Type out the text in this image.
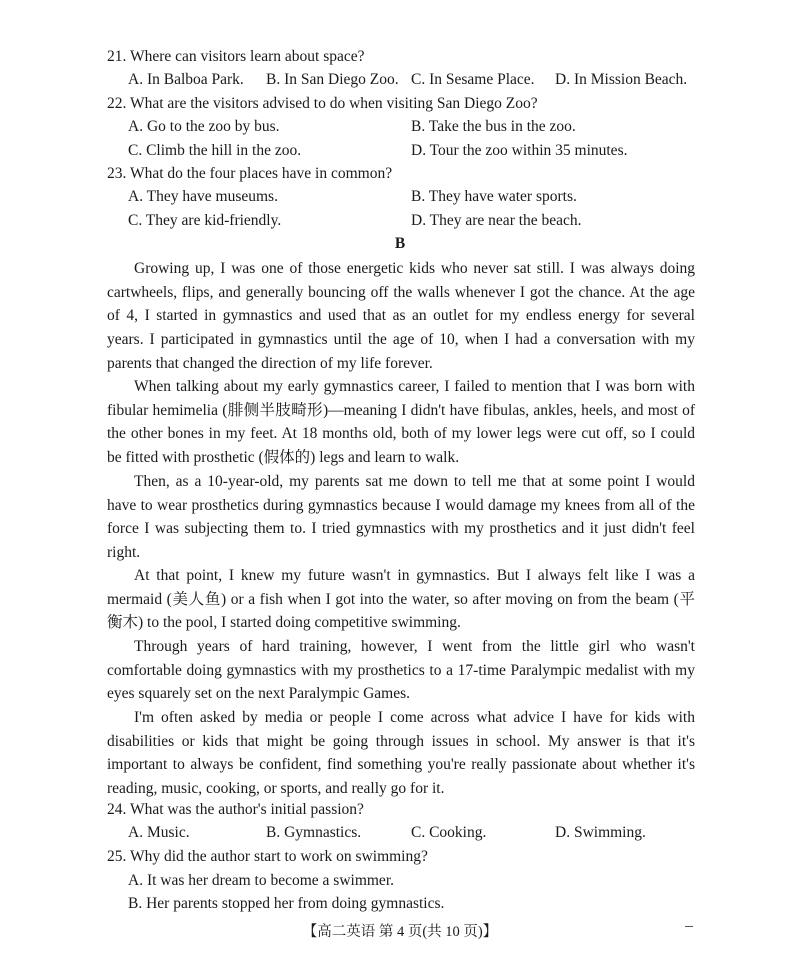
21. Where can visitors learn about space?
A. In Balboa Park. B. In San Diego Zoo. C. In Sesame Place. D. In Mission Beach.
22. What are the visitors advised to do when visiting San Diego Zoo?
A. Go to the zoo by bus.	B. Take the bus in the zoo.
C. Climb the hill in the zoo.	D. Tour the zoo within 35 minutes.
23. What do the four places have in common?
A. They have museums.	B. They have water sports.
C. They are kid-friendly.	D. They are near the beach.
B
Growing up, I was one of those energetic kids who never sat still. I was always doing
cartwheels, flips, and generally bouncing off the walls whenever I got the chance. At the age
of 4, I started in gymnastics and used that as an outlet for my endless energy for several
years. I participated in gymnastics until the age of 10, when I had a conversation with my
parents that changed the direction of my life forever.
When talking about my early gymnastics career, I failed to mention that I was born with
fibular hemimelia (腓侧半肢畸形)—meaning I didn't have fibulas, ankles, heels, and most of
the other bones in my feet. At 18 months old, both of my lower legs were cut off, so I could
be fitted with prosthetic (假体的) legs and learn to walk.
Then, as a 10-year-old, my parents sat me down to tell me that at some point I would
have to wear prosthetics during gymnastics because I would damage my knees from all of the
force I was subjecting them to. I tried gymnastics with my prosthetics and it just didn't feel
right.
At that point, I knew my future wasn't in gymnastics. But I always felt like I was a
mermaid (美人鱼) or a fish when I got into the water, so after moving on from the beam (平
衡木) to the pool, I started doing competitive swimming.
Through years of hard training, however, I went from the little girl who wasn't
comfortable doing gymnastics with my prosthetics to a 17-time Paralympic medalist with my
eyes squarely set on the next Paralympic Games.
I'm often asked by media or people I come across what advice I have for kids with
disabilities or kids that might be going through issues in school. My answer is that it's
important to always be confident, find something you're really passionate about whether it's
reading, music, cooking, or sports, and really go for it.
24. What was the author's initial passion?
A. Music.	B. Gymnastics.	C. Cooking.	D. Swimming.
25. Why did the author start to work on swimming?
A. It was her dream to become a swimmer.
B. Her parents stopped her from doing gymnastics.
【高二英语 第 4 页(共 10 页)】
